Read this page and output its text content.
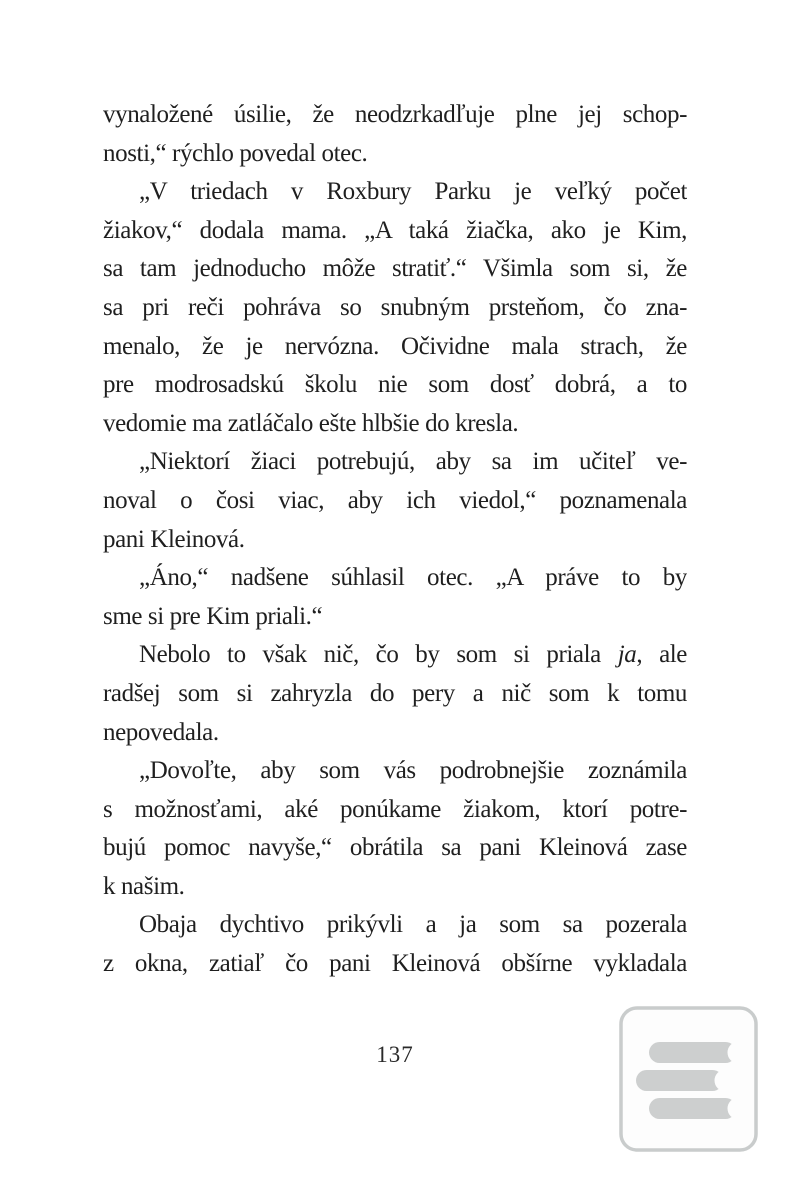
vynaložené úsilie, že neodzrkadľuje plne jej schop-
nosti,“ rýchlo povedal otec.
„V triedach v Roxbury Parku je veľký počet
žiakov,“ dodala mama. „A taká žiačka, ako je Kim,
sa tam jednoducho môže stratiť.“ Všimla som si, že
sa pri reči pohráva so snubným prsteňom, čo zna-
menalo, že je nervózna. Očividne mala strach, že
pre modrosadskú školu nie som dosť dobrá, a to
vedomie ma zatláčalo ešte hlbšie do kresla.
„Niektorí žiaci potrebujú, aby sa im učiteľ ve-
noval o čosi viac, aby ich viedol,“ poznamenala
pani Kleinová.
„Áno,“ nadšene súhlasil otec. „A práve to by
sme si pre Kim priali.“
Nebolo to však nič, čo by som si priala ja, ale
radšej som si zahryzla do pery a nič som k tomu
nepovedala.
„Dovoľte, aby som vás podrobnejšie zoznámila
s možnosťami, aké ponúkame žiakom, ktorí potre-
bujú pomoc navyše,“ obrátila sa pani Kleinová zase
k našim.
Obaja dychtivo prikývli a ja som sa pozerala
z okna, zatiaľ čo pani Kleinová obšírne vykladala
137
